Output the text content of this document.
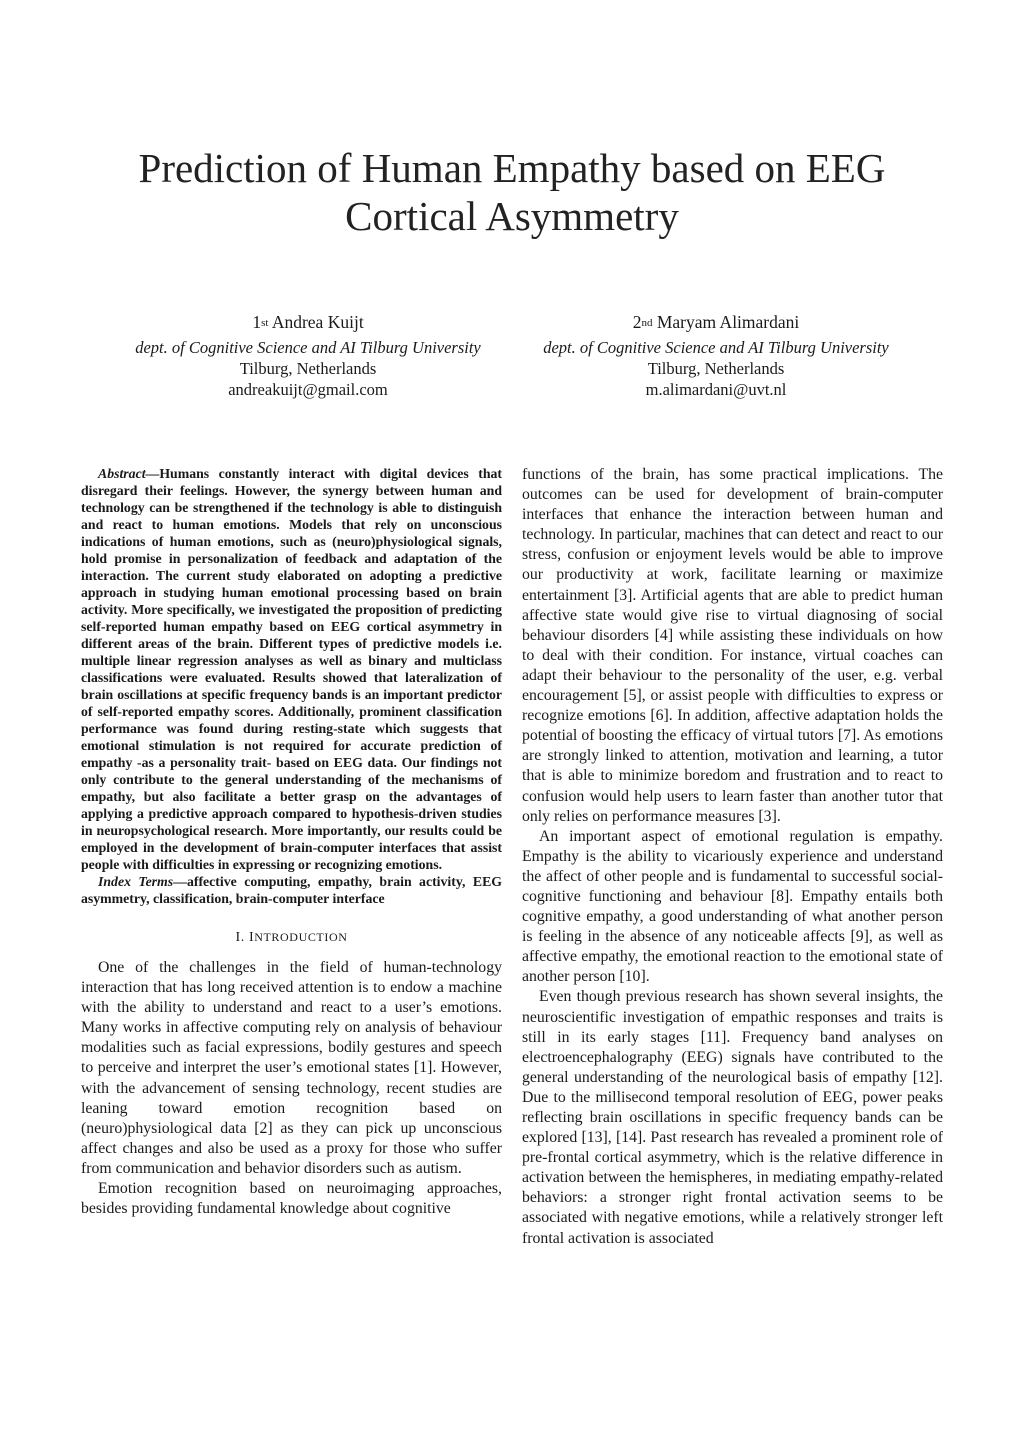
Prediction of Human Empathy based on EEG
Cortical Asymmetry
1st Andrea Kuijt
dept. of Cognitive Science and AI Tilburg University
Tilburg, Netherlands
andreakuijt@gmail.com
2nd Maryam Alimardani
dept. of Cognitive Science and AI Tilburg University
Tilburg, Netherlands
m.alimardani@uvt.nl

Abstract—Humans constantly interact with digital devices that disregard their feelings. However, the synergy between human and technology can be strengthened if the technology is able to distinguish and react to human emotions. Models that rely on unconscious indications of human emotions, such as (neuro)physiological signals, hold promise in personalization of feedback and adaptation of the interaction. The current study elaborated on adopting a predictive approach in studying human emotional processing based on brain activity. More specifically, we investigated the proposition of predicting self-reported human empathy based on EEG cortical asymmetry in different areas of the brain. Different types of predictive models i.e. multiple linear regression analyses as well as binary and multiclass classifications were evaluated. Results showed that lateralization of brain oscillations at specific frequency bands is an important predictor of self-reported empathy scores. Additionally, prominent classification performance was found during resting-state which suggests that emotional stimulation is not required for accurate prediction of empathy -as a personality trait- based on EEG data. Our findings not only contribute to the general understanding of the mechanisms of empathy, but also facilitate a better grasp on the advantages of applying a predictive approach compared to hypothesis-driven studies in neuropsychological research. More importantly, our results could be employed in the development of brain-computer interfaces that assist people with difficulties in expressing or recognizing emotions.

Index Terms—affective computing, empathy, brain activity, EEG asymmetry, classification, brain-computer interface

I. INTRODUCTION

One of the challenges in the field of human-technology interaction that has long received attention is to endow a machine with the ability to understand and react to a user’s emotions. Many works in affective computing rely on analysis of behaviour modalities such as facial expressions, bodily gestures and speech to perceive and interpret the user’s emotional states [1]. However, with the advancement of sensing technology, recent studies are leaning toward emotion recognition based on (neuro)physiological data [2] as they can pick up unconscious affect changes and also be used as a proxy for those who suffer from communication and behavior disorders such as autism.

Emotion recognition based on neuroimaging approaches, besides providing fundamental knowledge about cognitive

functions of the brain, has some practical implications. The outcomes can be used for development of brain-computer interfaces that enhance the interaction between human and technology. In particular, machines that can detect and react to our stress, confusion or enjoyment levels would be able to improve our productivity at work, facilitate learning or maximize entertainment [3]. Artificial agents that are able to predict human affective state would give rise to virtual diagnosing of social behaviour disorders [4] while assisting these individuals on how to deal with their condition. For instance, virtual coaches can adapt their behaviour to the personality of the user, e.g. verbal encouragement [5], or assist people with difficulties to express or recognize emotions [6]. In addition, affective adaptation holds the potential of boosting the efficacy of virtual tutors [7]. As emotions are strongly linked to attention, motivation and learning, a tutor that is able to minimize boredom and frustration and to react to confusion would help users to learn faster than another tutor that only relies on performance measures [3].

An important aspect of emotional regulation is empathy. Empathy is the ability to vicariously experience and understand the affect of other people and is fundamental to successful social-cognitive functioning and behaviour [8]. Empathy entails both cognitive empathy, a good understanding of what another person is feeling in the absence of any noticeable affects [9], as well as affective empathy, the emotional reaction to the emotional state of another person [10].

Even though previous research has shown several insights, the neuroscientific investigation of empathic responses and traits is still in its early stages [11]. Frequency band analyses on electroencephalography (EEG) signals have contributed to the general understanding of the neurological basis of empathy [12]. Due to the millisecond temporal resolution of EEG, power peaks reflecting brain oscillations in specific frequency bands can be explored [13], [14]. Past research has revealed a prominent role of pre-frontal cortical asymmetry, which is the relative difference in activation between the hemispheres, in mediating empathy-related behaviors: a stronger right frontal activation seems to be associated with negative emotions, while a relatively stronger left frontal activation is associated
